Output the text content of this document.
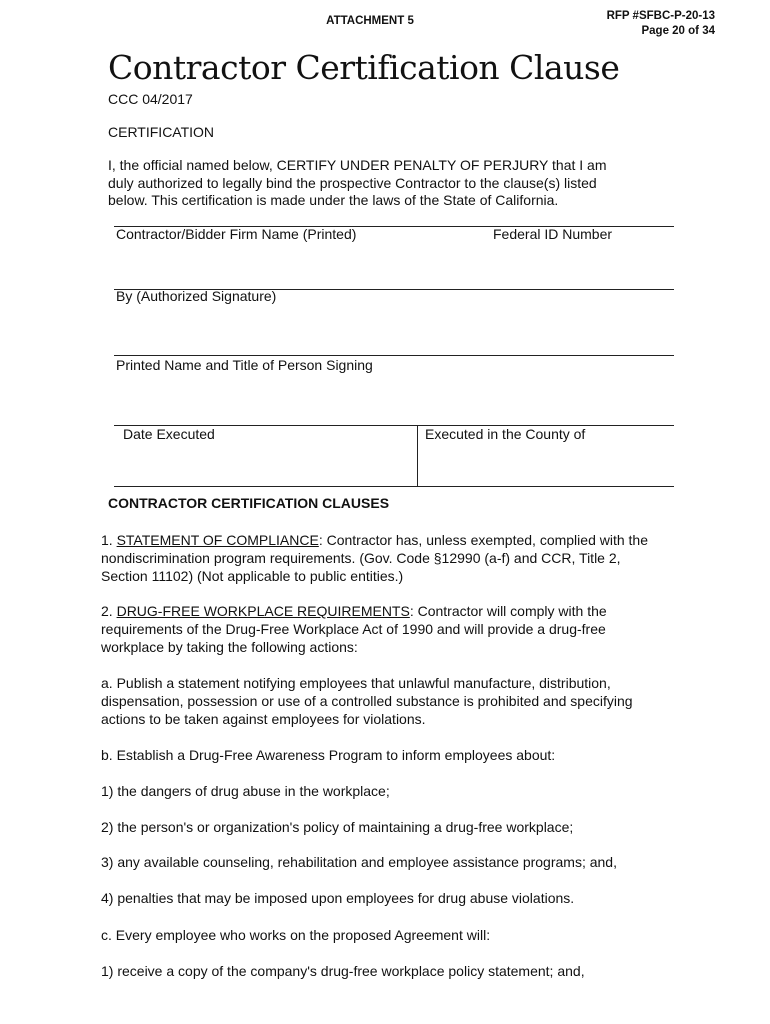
ATTACHMENT 5	RFP #SFBC-P-20-13
Page 20 of 34
Contractor Certification Clause
CCC 04/2017
CERTIFICATION
I, the official named below, CERTIFY UNDER PENALTY OF PERJURY that I am
duly authorized to legally bind the prospective Contractor to the clause(s) listed
below. This certification is made under the laws of the State of California.
Contractor/Bidder Firm Name (Printed)	Federal ID Number
By (Authorized Signature)
Printed Name and Title of Person Signing
Date Executed	Executed in the County of
CONTRACTOR CERTIFICATION CLAUSES
1. STATEMENT OF COMPLIANCE: Contractor has, unless exempted, complied with the
nondiscrimination program requirements. (Gov. Code §12990 (a-f) and CCR, Title 2,
Section 11102) (Not applicable to public entities.)
2. DRUG-FREE WORKPLACE REQUIREMENTS: Contractor will comply with the
requirements of the Drug-Free Workplace Act of 1990 and will provide a drug-free
workplace by taking the following actions:
a. Publish a statement notifying employees that unlawful manufacture, distribution,
dispensation, possession or use of a controlled substance is prohibited and specifying
actions to be taken against employees for violations.
b. Establish a Drug-Free Awareness Program to inform employees about:
1) the dangers of drug abuse in the workplace;
2) the person's or organization's policy of maintaining a drug-free workplace;
3) any available counseling, rehabilitation and employee assistance programs; and,
4) penalties that may be imposed upon employees for drug abuse violations.
c. Every employee who works on the proposed Agreement will:
1) receive a copy of the company's drug-free workplace policy statement; and,
